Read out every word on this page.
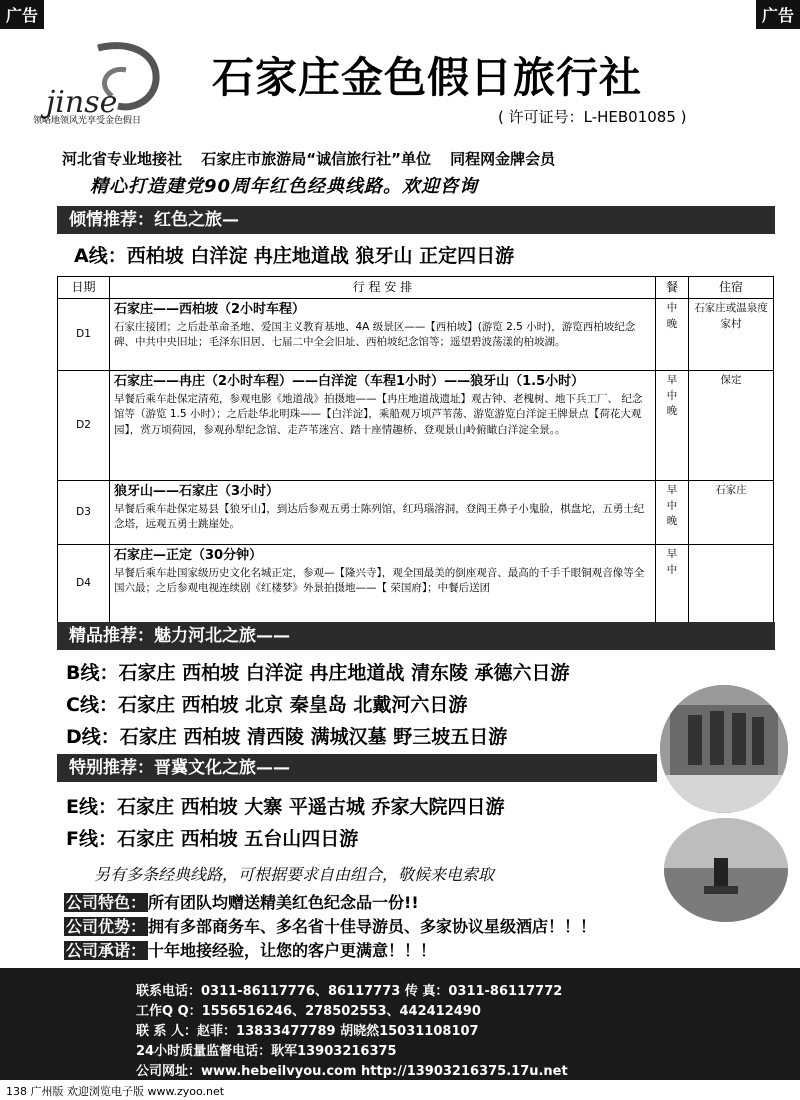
广告	广告
jinse
领略地领风光享受金色假日
石家庄金色假日旅行社
( 许可证号：L-HEB01085 )
河北省专业地接社 石家庄市旅游局“诚信旅行社”单位 同程网金牌会员
精心打造建党90周年红色经典线路。欢迎咨询
倾情推荐：红色之旅—
A线：西柏坡 白洋淀 冉庄地道战 狼牙山 正定四日游
日期	行 程 安 排	餐	住宿
D1	石家庄——西柏坡（2小时车程）
石家庄接团；之后赴革命圣地、爱国主义教育基地、4A 级景区——【西柏坡】(游览 2.5 小时)，游览西柏坡纪念碑、中共中央旧址；毛泽东旧居、七届二中全会旧址、西柏坡纪念馆等；遥望碧波荡漾的柏坡湖。	中 晚	石家庄或温泉度家村
D2	石家庄——冉庄（2小时车程）——白洋淀（车程1小时）——狼牙山（1.5小时）
早餐后乘车赴保定清苑，参观电影《地道战》拍摄地——【冉庄地道战遗址】观古钟、老槐树、地下兵工厂、 纪念馆等（游览 1.5 小时）；之后赴华北明珠——【白洋淀】，乘船观万顷芦苇荡、游览游览白洋淀王牌景点【荷花大观园】，赏万顷荷园，参观孙犁纪念馆、走芦苇迷宫、踏十座情趣桥、登观景山岭俯瞰白洋淀全景。。	早 中 晚	保定
D3	狼牙山——石家庄（3小时）
早餐后乘车赴保定易县【狼牙山】，到达后参观五勇士陈列馆，红玛瑙溶洞，登阎王鼻子小鬼脸，棋盘坨，五勇士纪念塔，远观五勇士跳崖处。	早 中 晚	石家庄
D4	石家庄—正定（30分钟）
早餐后乘车赴国家级历史文化名城正定，参观—【隆兴寺】，观全国最美的倒座观音、最高的千手千眼铜观音像等全国六最；之后参观电视连续剧《红楼梦》外景拍摄地——【 荣国府】；中餐后送团	早 中	
精品推荐：魅力河北之旅——
B线：石家庄 西柏坡 白洋淀 冉庄地道战 清东陵 承德六日游
C线：石家庄 西柏坡 北京 秦皇岛 北戴河六日游
D线：石家庄 西柏坡 清西陵 满城汉墓 野三坡五日游
特别推荐：晋冀文化之旅——
E线：石家庄 西柏坡 大寨 平遥古城 乔家大院四日游
F线：石家庄 西柏坡 五台山四日游
另有多条经典线路，可根据要求自由组合，敬候来电索取
公司特色： 所有团队均赠送精美红色纪念品一份!!
公司优势： 拥有多部商务车、多名省十佳导游员、多家协议星级酒店！！！
公司承诺： 十年地接经验，让您的客户更满意！！！
联系电话：0311-86117776、86117773 传 真：0311-86117772
工作Q Q：1556516246、278502553、442412490
联 系 人：赵菲：13833477789 胡晓然15031108107
24小时质量监督电话：耿军13903216375
公司网址：www.hebeilvyou.com http://13903216375.17u.net
138 广州版 欢迎浏览电子版 www.zyoo.net
